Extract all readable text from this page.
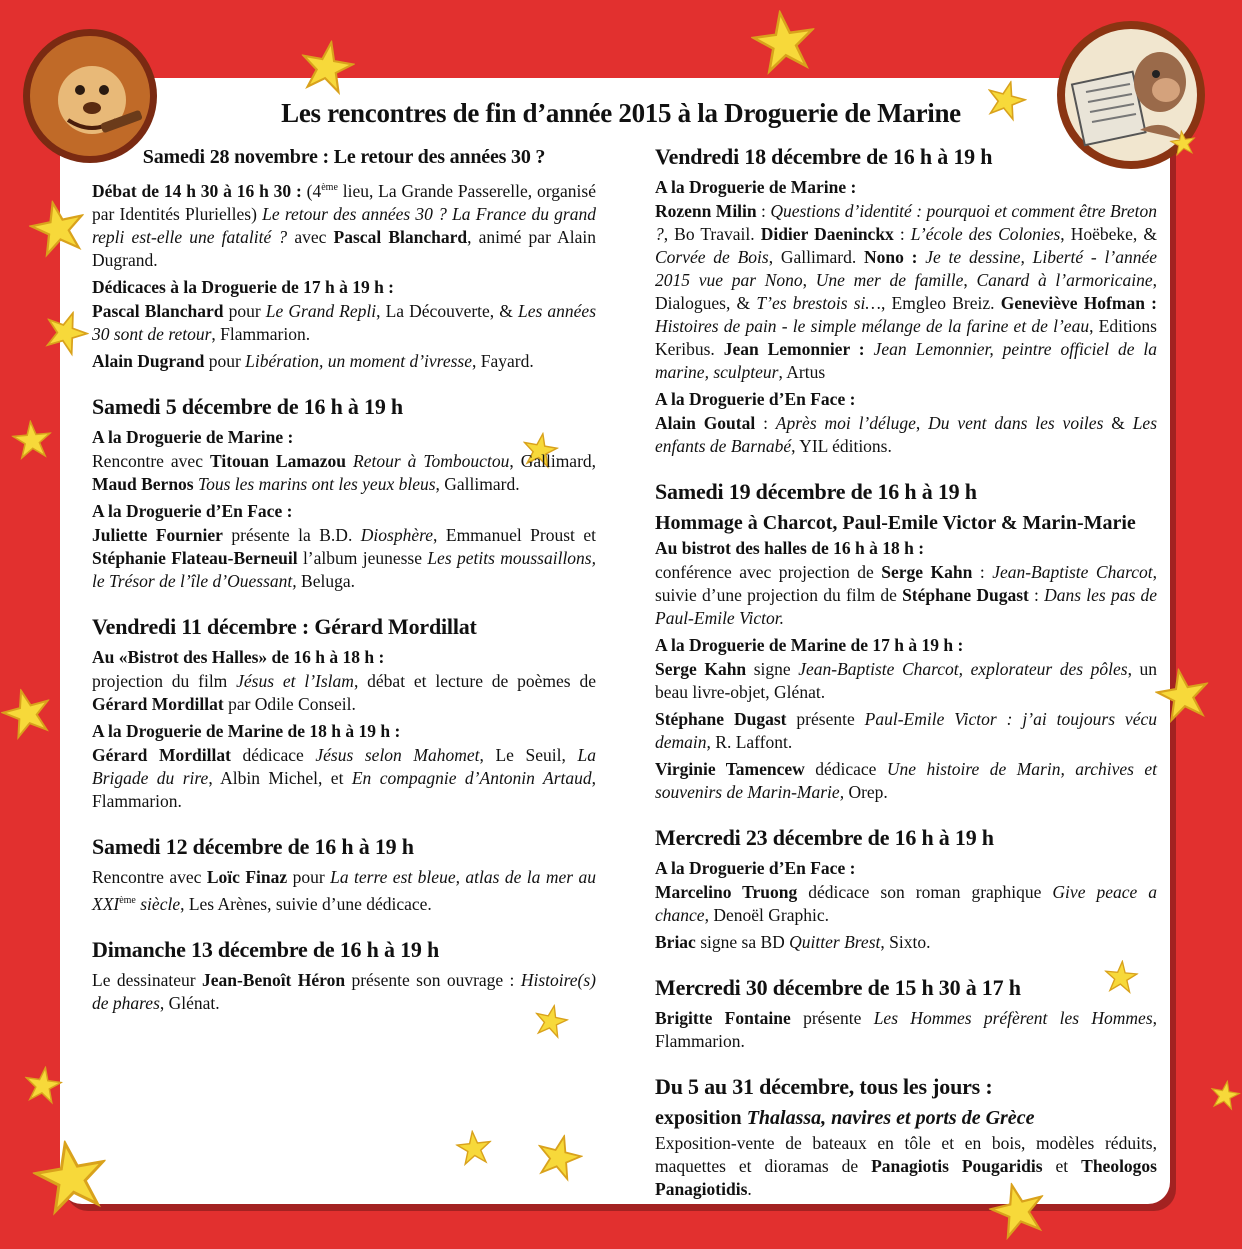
Les rencontres de fin d’année 2015 à la Droguerie de Marine
Samedi 28 novembre : Le retour des années 30 ?

Débat de 14 h 30 à 16 h 30 : (4ème lieu, La Grande Passerelle, organisé par Identités Plurielles) Le retour des années 30 ? La France du grand repli est-elle une fatalité ? avec Pascal Blanchard, animé par Alain Dugrand.

Dédicaces à la Droguerie de 17 h à 19 h :

Pascal Blanchard pour Le Grand Repli, La Découverte, & Les années 30 sont de retour, Flammarion.

Alain Dugrand pour Libération, un moment d’ivresse, Fayard.

Samedi 5 décembre de 16 h à 19 h
A la Droguerie de Marine :

Rencontre avec Titouan Lamazou Retour à Tombouctou, Gallimard, Maud Bernos Tous les marins ont les yeux bleus, Gallimard.

A la Droguerie d’En Face :

Juliette Fournier présente la B.D. Diosphère, Emmanuel Proust et Stéphanie Flateau-Berneuil l’album jeunesse Les petits moussaillons, le Trésor de l’île d’Ouessant, Beluga.

Vendredi 11 décembre : Gérard Mordillat
Au «Bistrot des Halles» de 16 h à 18 h :

projection du film Jésus et l’Islam, débat et lecture de poèmes de Gérard Mordillat par Odile Conseil.

A la Droguerie de Marine de 18 h à 19 h :

Gérard Mordillat dédicace Jésus selon Mahomet, Le Seuil, La Brigade du rire, Albin Michel, et En compagnie d’Antonin Artaud, Flammarion.

Samedi 12 décembre de 16 h à 19 h

Rencontre avec Loïc Finaz pour La terre est bleue, atlas de la mer au XXIème siècle, Les Arènes, suivie d’une dédicace.

Dimanche 13 décembre de 16 h à 19 h

Le dessinateur Jean-Benoît Héron présente son ouvrage : Histoire(s) de phares, Glénat.

Vendredi 18 décembre de 16 h à 19 h
A la Droguerie de Marine :

Rozenn Milin : Questions d’identité : pourquoi et comment être Breton ?, Bo Travail. Didier Daeninckx : L’école des Colonies, Hoëbeke, & Corvée de Bois, Gallimard. Nono : Je te dessine, Liberté - l’année 2015 vue par Nono, Une mer de famille, Canard à l’armoricaine, Dialogues, & T’es brestois si…, Emgleo Breiz. Geneviève Hofman : Histoires de pain - le simple mélange de la farine et de l’eau, Editions Keribus. Jean Lemonnier : Jean Lemonnier, peintre officiel de la marine, sculpteur, Artus

A la Droguerie d’En Face :

Alain Goutal : Après moi l’déluge, Du vent dans les voiles & Les enfants de Barnabé, YIL éditions.

Samedi 19 décembre de 16 h à 19 h
Hommage à Charcot, Paul-Emile Victor & Marin-Marie
Au bistrot des halles de 16 h à 18 h :

conférence avec projection de Serge Kahn : Jean-Baptiste Charcot, suivie d’une projection du film de Stéphane Dugast : Dans les pas de Paul-Emile Victor.

A la Droguerie de Marine de 17 h à 19 h :

Serge Kahn signe Jean-Baptiste Charcot, explorateur des pôles, un beau livre-objet, Glénat.

Stéphane Dugast présente Paul-Emile Victor : j’ai toujours vécu demain, R. Laffont.

Virginie Tamencew dédicace Une histoire de Marin, archives et souvenirs de Marin-Marie, Orep.

Mercredi 23 décembre de 16 h à 19 h
A la Droguerie d’En Face :

Marcelino Truong dédicace son roman graphique Give peace a chance, Denoël Graphic.

Briac signe sa BD Quitter Brest, Sixto.

Mercredi 30 décembre de 15 h 30 à 17 h

Brigitte Fontaine présente Les Hommes préfèrent les Hommes, Flammarion.

Du 5 au 31 décembre, tous les jours :
exposition Thalassa, navires et ports de Grèce

Exposition-vente de bateaux en tôle et en bois, modèles réduits, maquettes et dioramas de Panagiotis Pougaridis et Theologos Panagiotidis.
